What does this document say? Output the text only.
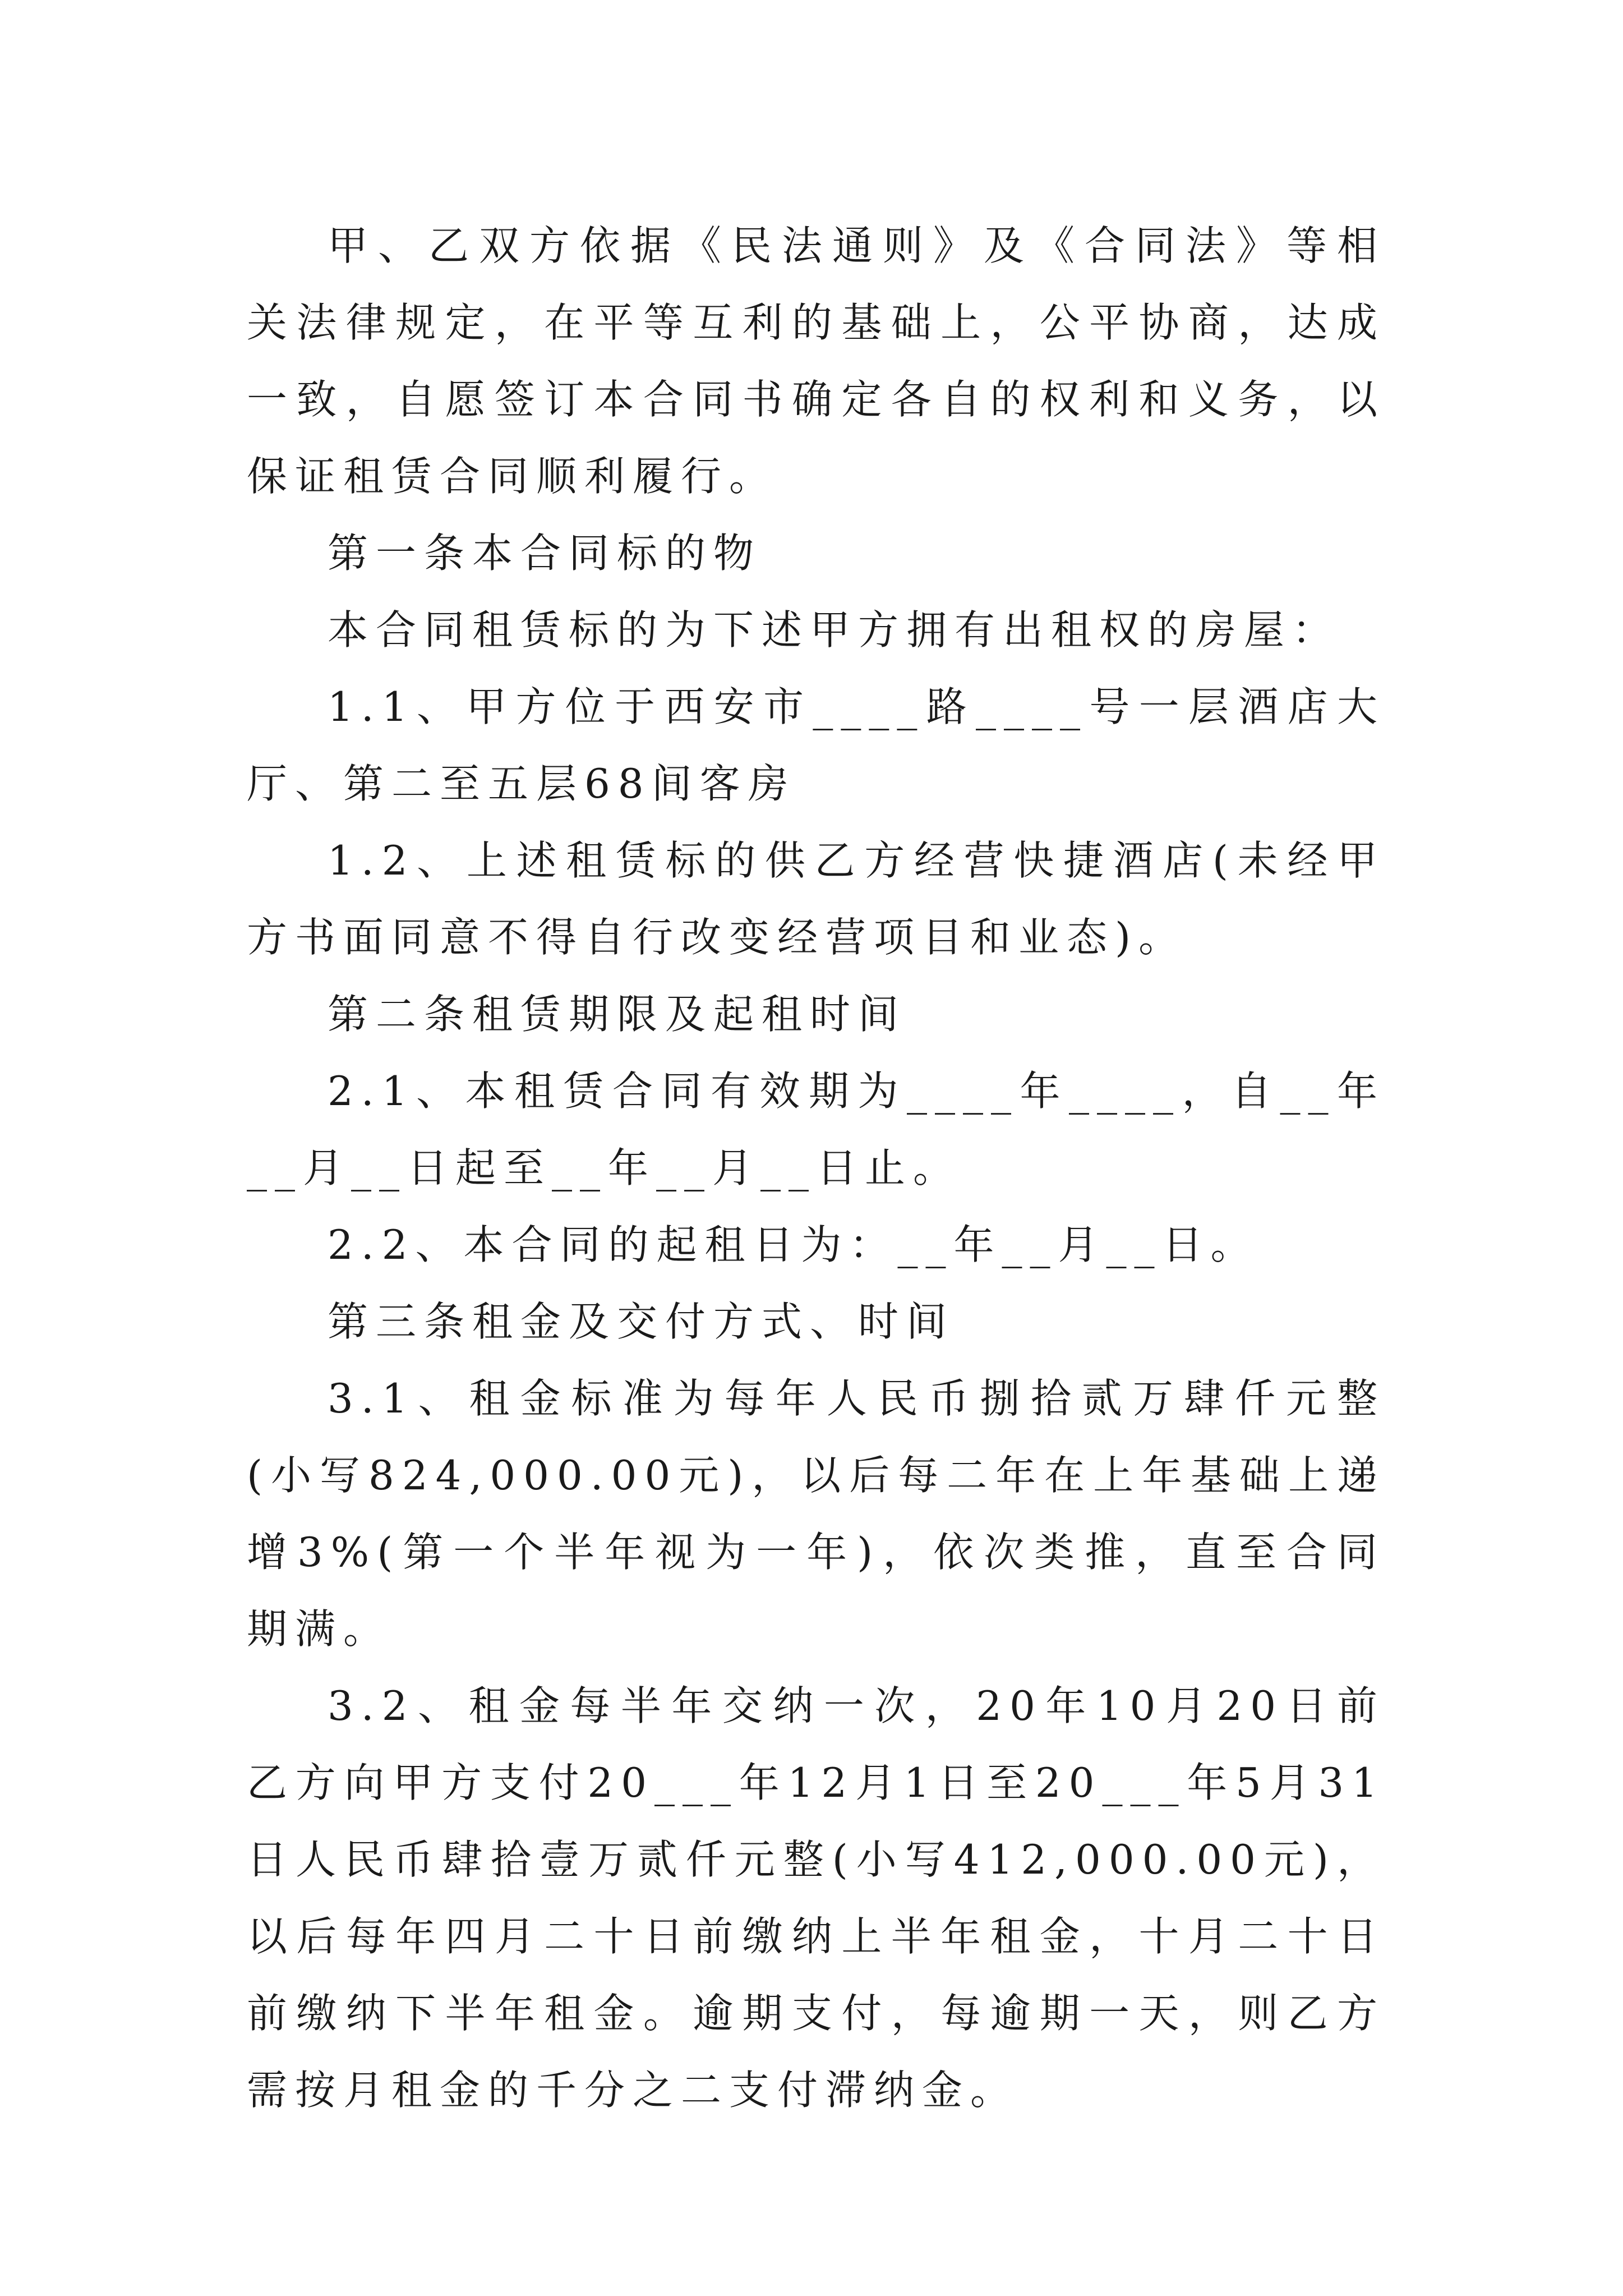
甲、乙双方依据《民法通则》及《合同法》等相关法律规定，在平等互利的基础上，公平协商，达成一致，自愿签订本合同书确定各自的权利和义务，以保证租赁合同顺利履行。

第一条本合同标的物

本合同租赁标的为下述甲方拥有出租权的房屋：

1.1、甲方位于西安市____路____号一层酒店大厅、第二至五层68间客房

1.2、上述租赁标的供乙方经营快捷酒店(未经甲方书面同意不得自行改变经营项目和业态)。

第二条租赁期限及起租时间

2.1、本租赁合同有效期为____年____，自__年__月__日起至__年__月__日止。

2.2、本合同的起租日为：__年__月__日。

第三条租金及交付方式、时间

3.1、租金标准为每年人民币捌拾贰万肆仟元整(小写824,000.00元)，以后每二年在上年基础上递增3%(第一个半年视为一年)，依次类推，直至合同期满。

3.2、租金每半年交纳一次，20年10月20日前乙方向甲方支付20___年12月1日至20___年5月31日人民币肆拾壹万贰仟元整(小写412,000.00元)，以后每年四月二十日前缴纳上半年租金，十月二十日前缴纳下半年租金。逾期支付，每逾期一天，则乙方需按月租金的千分之二支付滞纳金。
